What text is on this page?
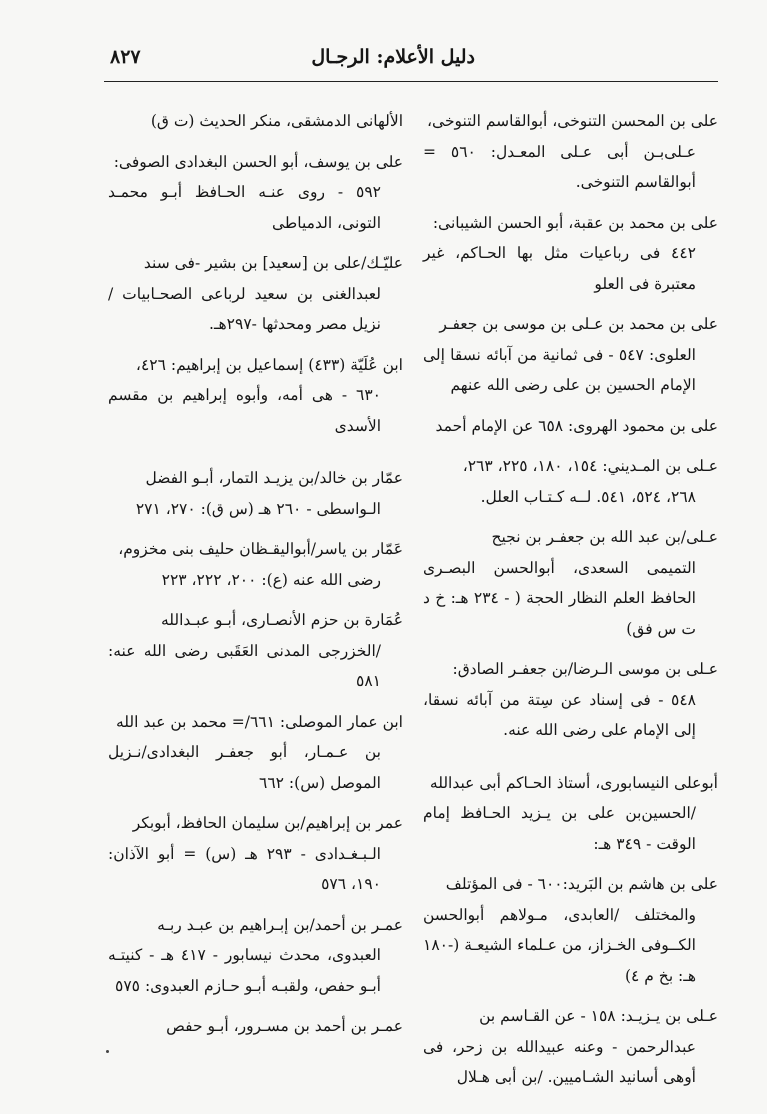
٨٢٧	دليل الأعلام: الرجـال

على بن المحسن التنوخى، أبوالقاسم التنوخى،
عـلى‌بـن أبى عـلى المعـدل: ٥٦٠ = أبوالقاسم التنوخى.

على بن محمد بن عقبة، أبو الحسن الشيبانى:
٤٤٢ فى رباعيات مثل بها الحـاكم، غير معتبرة فى العلو

على بن محمد بن عـلى بن موسى بن جعفـر
العلوى: ٥٤٧ - فى ثمانية من آبائه نسقا إلى الإمام الحسين بن على رضى الله عنهم

على بن محمود الهروى: ٦٥٨ عن الإمام أحمد

عـلى بن المـديني: ١٥٤، ١٨٠، ٢٢٥، ٢٦٣،
٢٦٨، ٥٢٤، ٥٤١. لــه كـتـاب العلل.

عـلى/بن عبد الله بن جعفـر بن نجيح
التميمى السعدى، أبوالحسن البصـرى الحافظ العلم النظار الحجة ( - ٢٣٤ هـ: خ د ت س فق)

عـلى بن موسى الـرضا/بن جعفـر الصادق:
٥٤٨ - فى إسناد عن سِتة من آبائه نسقا، إلى الإمام على رضى الله عنه.

أبوعلى النيسابورى، أستاذ الحـاكم أبى عبدالله
/الحسين‌بن على بن يـزيد الحـافظ إمام الوقت - ٣٤٩ هـ:

على بن هاشم بن البَريد:٦٠٠ - فى المؤتلف
والمختلف /العابدى، مـولاهم أبوالحسن الكــوفى الخـزاز، من عـلماء الشيعـة (-١٨٠ هـ: بخ م ٤)

عـلى بن يـزيـد: ١٥٨ - عن القـاسم بن
عبدالرحمن - وعنه عبيدالله بن زحر، فى أوهى أسانيد الشـاميين. /بن أبى هـلال

الألهانى الدمشقى، منكر الحديث (ت ق)

على بن يوسف، أبو الحسن البغدادى الصوفى:
٥٩٢ - روى عنـه الحـافظ أبـو محمـد التونى، الدمياطى

عليّـك/على بن [سعيد] بن بشير -فى سند
لعبدالغنى بن سعيد لرباعى الصحـابيات /نزيل مصر ومحدثها -٢٩٧هـ.

ابن عُلَيّة (٤٣٣) إسماعيل بن إبراهيم: ٤٢٦،
٦٣٠ - هى أمه، وأبوه إبراهيم بن مقسم الأسدى

عمّار بن خالد/بن يزيـد التمار، أبـو الفضل
الـواسطى - ٢٦٠ هـ (س ق): ٢٧٠، ٢٧١

عَمّار بن ياسر/أبواليقـظان حليف بنى مخزوم،
رضى الله عنه (ع): ٢٠٠، ٢٢٢، ٢٢٣

عُمَارة بن حزم الأنصـارى، أبـو عبـدالله
/الخزرجى المدنى العَقَبى رضى الله عنه: ٥٨١

ابن عمار الموصلى: ٦٦١/= محمد بن عبد الله
بن عـمـار، أبو جعفـر البغدادى/نـزيل الموصل (س): ٦٦٢

عمر بن إبراهيم/بن سليمان الحافظ، أبوبكر
الـبـغـدادى - ٢٩٣ هـ (س) = أبو الآذان: ١٩٠، ٥٧٦

عمـر بن أحمد/بن إبـراهيم بن عبـد ربـه
العبدوى، محدث نيسابور - ٤١٧ هـ - كنيتـه أبـو حفص، ولقبـه أبـو حـازم العبدوى: ٥٧٥

عمـر بن أحمد بن مسـرور، أبـو حفص
